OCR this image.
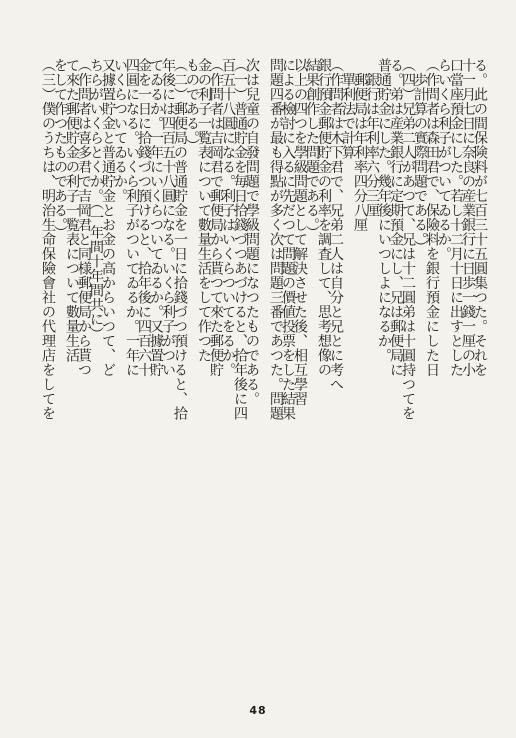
る。此の間保険料が七百三十五圓集つた。それを
十一月七日に奈良の産業銀行に日歩一錢一厘の小
口當座預金にした。若し十二月十日に出すとした
らいくら利子がついてゐるか。
（作問者は森田君で、保險料を銀行預金にした日
　歩計算の實際問題である。）
（四）兄弟二人があつて、兄は十二圓弟は十圓持つてを
る。弟は産業銀行に定期預金にし、兄は郵便局に
普通貯金にした。幾年後にいつしよになるか。
　銀行は年利率六分三厘
　郵便局は年利率四分八厘
　單利法で計算
（作問者は木下君で、兄弟二人は自分と兄とに考へ
銀行預金郵便貯金の利率を調査して、思考想像の
結果創作した問題である。）
以上の四つを學級問題として解決させた後、相互學習
による檢討に入るに先だつて問題の價値投票をした結果
問題四番が最も得點が多く次は問題三番であつた。問題
次は兒童の自發問題で學級問題になつたものである。
（一）普通貯金を毎日拾錢づつあづけると、拾年後に四
百五十八圓になる。利子はいくらついてをるか。
（作問者は吉岡君で郵便局から貰つて來た郵便貯
金の利子一覧表について數量生活をして作つた
ものである。）
（二）郵便局の普通貯金を一日に拾錢づつ預けると、拾
年後には四百五十八圓になる。いくら利子がつい
てゐるか。一年にいくらついてゐるか。又據置貯
金を一日に拾錢づつ預けると、拾年後に四百六十
四圓になる。いくら利子がついてゐるか。一年に
いくらついてゐるか。
又據置貯金と普通貯金とお金の高からいつて、ど
ちらがいくらとくか。（一年間十年間共に）
（作問者は喜多君で吉岡君と同様郵便局から貰つ
て來た郵便貯金の利子一覧表について數量生活
をして作つたものである。）
（三）僕のうちは、明治生命保險會社の代理店をしてを
48
